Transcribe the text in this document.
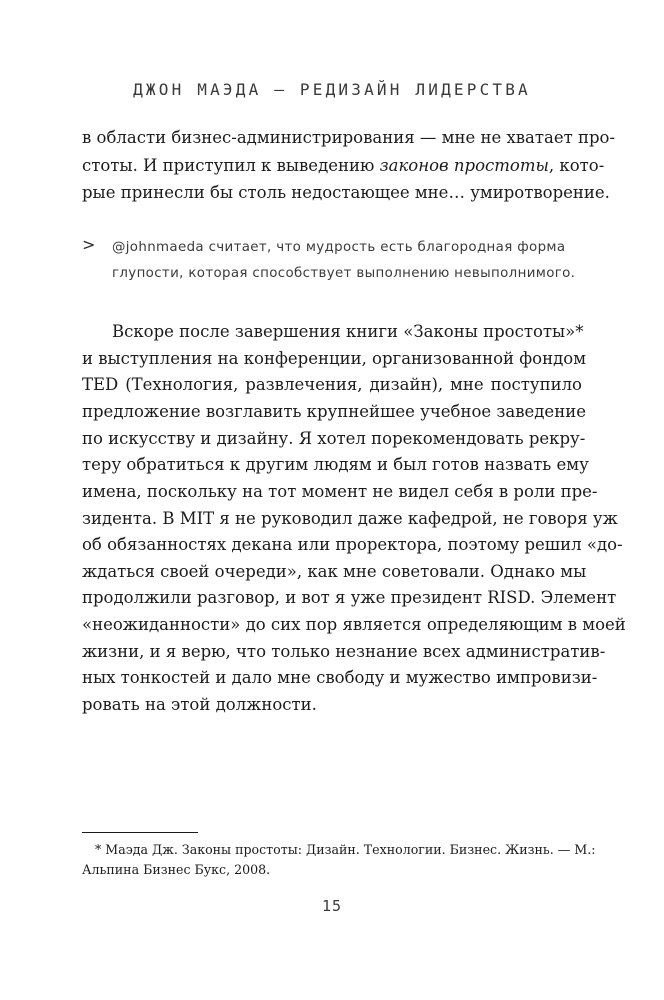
ДЖОН МАЭДА — РЕДИЗАЙН ЛИДЕРСТВА
в области бизнес-администрирования — мне не хватает про-
стоты. И приступил к выведению законов простоты, кото-
рые принесли бы столь недостающее мне… умиротворение.
> @johnmaeda считает, что мудрость есть благородная форма
глупости, которая способствует выполнению невыполнимого.
Вскоре после завершения книги «Законы простоты»*
и выступления на конференции, организованной фондом
TED (Технология, развлечения, дизайн), мне поступило
предложение возглавить крупнейшее учебное заведение
по искусству и дизайну. Я хотел порекомендовать рекру-
теру обратиться к другим людям и был готов назвать ему
имена, поскольку на тот момент не видел себя в роли пре-
зидента. В MIT я не руководил даже кафедрой, не говоря уж
об обязанностях декана или проректора, поэтому решил «до-
ждаться своей очереди», как мне советовали. Однако мы
продолжили разговор, и вот я уже президент RISD. Элемент
«неожиданности» до сих пор является определяющим в моей
жизни, и я верю, что только незнание всех административ-
ных тонкостей и дало мне свободу и мужество импровизи-
ровать на этой должности.
* Маэда Дж. Законы простоты: Дизайн. Технологии. Бизнес. Жизнь. — М.:
Альпина Бизнес Букс, 2008.
15
